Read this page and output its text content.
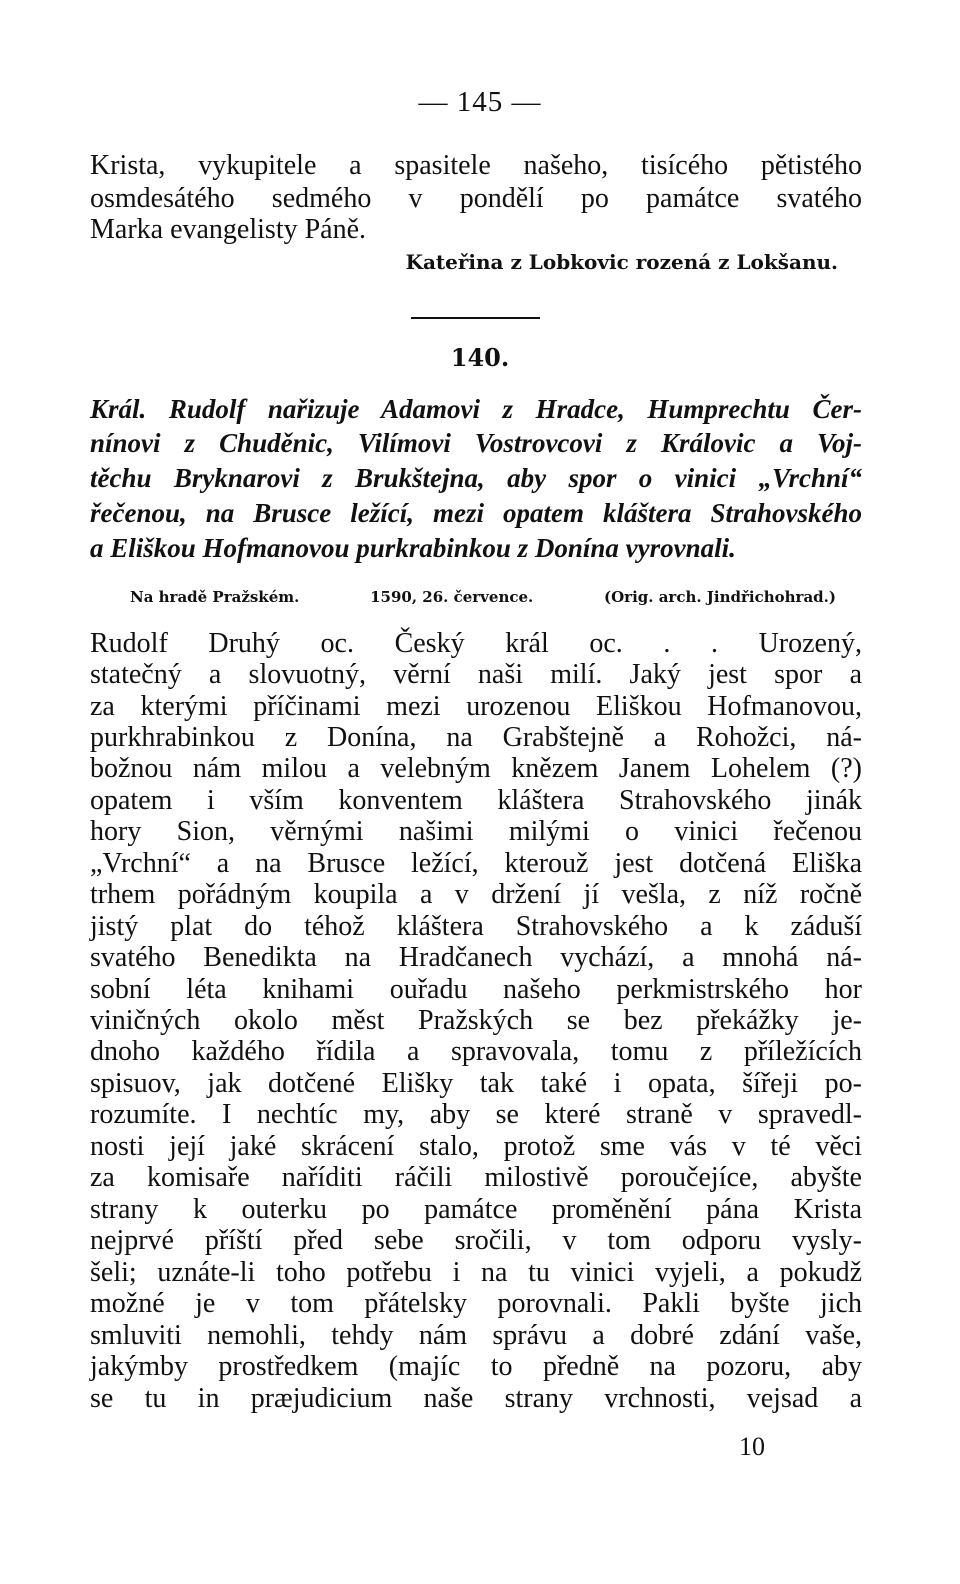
— 145 —
Krista, vykupitele a spasitele našeho, tisícého pětistého
osmdesátého sedmého v pondělí po památce svatého
Marka evangelisty Páně.
Kateřina z Lobkovic rozená z Lokšanu.
140.
Král. Rudolf nařizuje Adamovi z Hradce, Humprechtu Čer-
nínovi z Chuděnic, Vilímovi Vostrovcovi z Královic a Voj-
těchu Bryknarovi z Brukštejna, aby spor o vinici „Vrchní“
řečenou, na Brusce ležící, mezi opatem kláštera Strahovského
a Eliškou Hofmanovou purkrabinkou z Donína vyrovnali.
Na hradě Pražském.	1590, 26. července.	(Orig. arch. Jindřichohrad.)
Rudolf Druhý oc. Český král oc. . . Urozený,
statečný a slovuotný, věrní naši milí. Jaký jest spor a
za kterými příčinami mezi urozenou Eliškou Hofmanovou,
purkhrabinkou z Donína, na Grabštejně a Rohožci, ná-
božnou nám milou a velebným knězem Janem Lohelem (?)
opatem i vším konventem kláštera Strahovského jinák
hory Sion, věrnými našimi milými o vinici řečenou
„Vrchní“ a na Brusce ležící, kterouž jest dotčená Eliška
trhem pořádným koupila a v držení jí vešla, z níž ročně
jistý plat do téhož kláštera Strahovského a k záduší
svatého Benedikta na Hradčanech vychází, a mnohá ná-
sobní léta knihami ouřadu našeho perkmistrského hor
viničných okolo měst Pražských se bez překážky je-
dnoho každého řídila a spravovala, tomu z příležících
spisuov, jak dotčené Elišky tak také i opata, šířeji po-
rozumíte. I nechtíc my, aby se které straně v spravedl-
nosti její jaké skrácení stalo, protož sme vás v té věci
za komisaře naříditi ráčili milostivě poroučejíce, abyšte
strany k outerku po památce proměnění pána Krista
nejprvé příští před sebe sročili, v tom odporu vysly-
šeli; uznáte-li toho potřebu i na tu vinici vyjeli, a pokudž
možné je v tom přátelsky porovnali. Pakli byšte jich
smluviti nemohli, tehdy nám správu a dobré zdání vaše,
jakýmby prostředkem (majíc to předně na pozoru, aby
se tu in præjudicium naše strany vrchnosti, vejsad a
10
